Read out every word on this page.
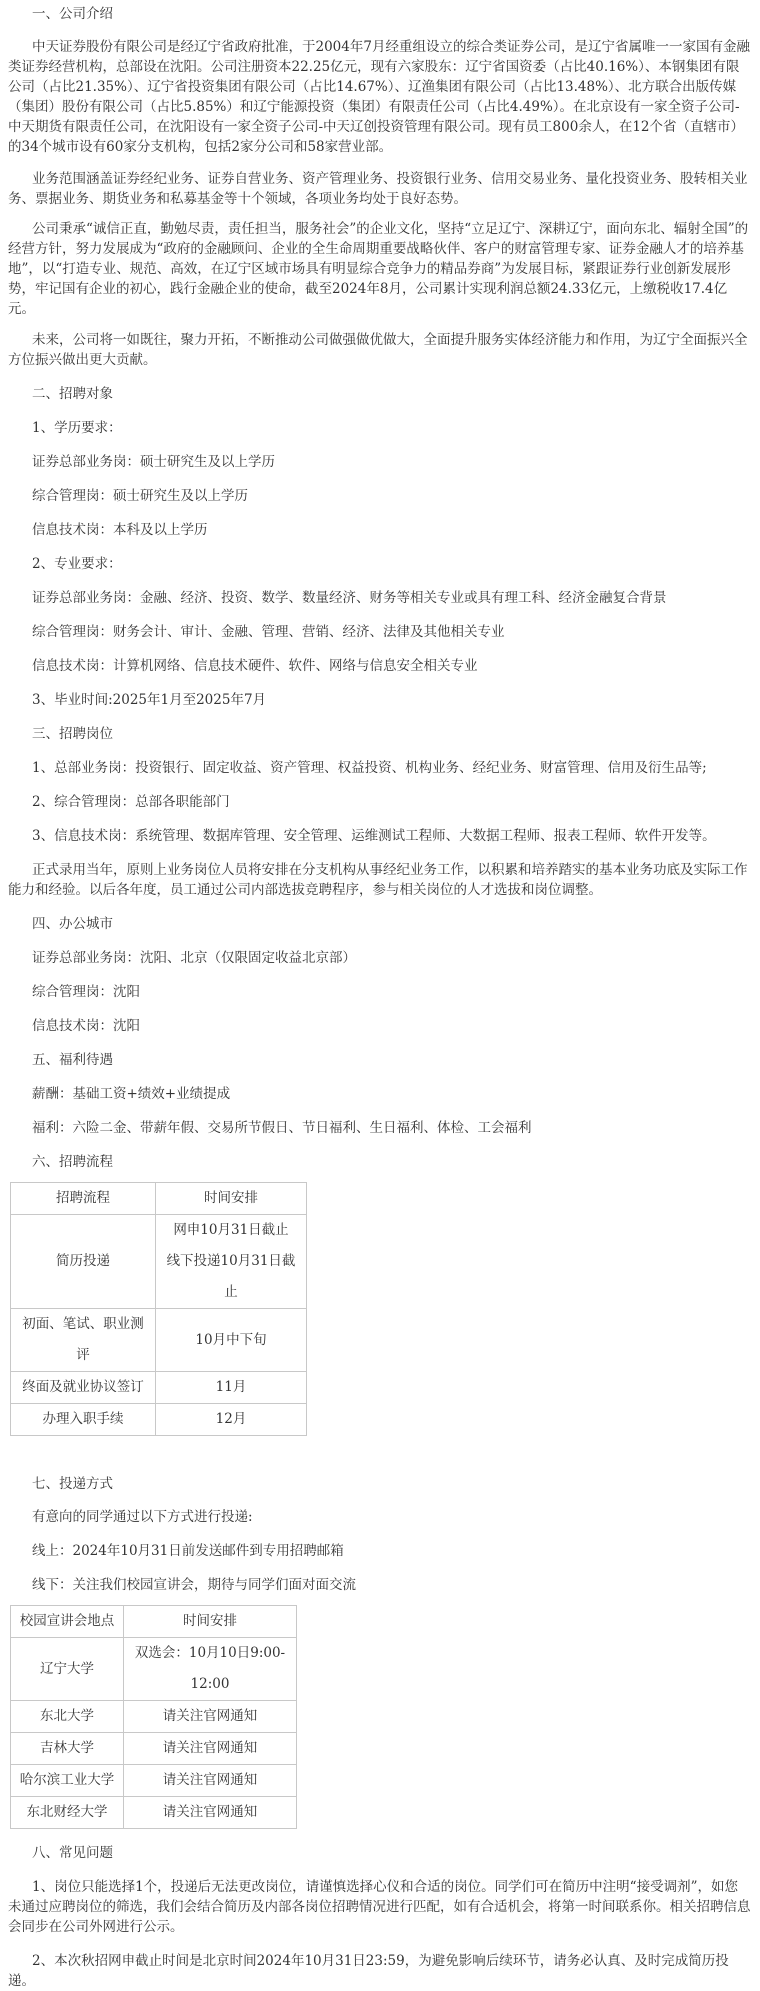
一、公司介绍

中天证券股份有限公司是经辽宁省政府批准，于2004年7月经重组设立的综合类证券公司，是辽宁省属唯一一家国有金融类证券经营机构，总部设在沈阳。公司注册资本22.25亿元，现有六家股东：辽宁省国资委（占比40.16%）、本钢集团有限公司（占比21.35%）、辽宁省投资集团有限公司（占比14.67%）、辽渔集团有限公司（占比13.48%）、北方联合出版传媒（集团）股份有限公司（占比5.85%）和辽宁能源投资（集团）有限责任公司（占比4.49%）。在北京设有一家全资子公司-中天期货有限责任公司，在沈阳设有一家全资子公司-中天辽创投资管理有限公司。现有员工800余人，在12个省（直辖市）的34个城市设有60家分支机构，包括2家分公司和58家营业部。

业务范围涵盖证券经纪业务、证券自营业务、资产管理业务、投资银行业务、信用交易业务、量化投资业务、股转相关业务、票据业务、期货业务和私募基金等十个领域，各项业务均处于良好态势。

公司秉承“诚信正直，勤勉尽责，责任担当，服务社会”的企业文化，坚持“立足辽宁、深耕辽宁，面向东北、辐射全国”的经营方针，努力发展成为“政府的金融顾问、企业的全生命周期重要战略伙伴、客户的财富管理专家、证券金融人才的培养基地”，以“打造专业、规范、高效，在辽宁区域市场具有明显综合竞争力的精品券商”为发展目标，紧跟证券行业创新发展形势，牢记国有企业的初心，践行金融企业的使命，截至2024年8月，公司累计实现利润总额24.33亿元，上缴税收17.4亿元。

未来，公司将一如既往，聚力开拓，不断推动公司做强做优做大，全面提升服务实体经济能力和作用，为辽宁全面振兴全方位振兴做出更大贡献。

二、招聘对象

1、学历要求：

证券总部业务岗：硕士研究生及以上学历

综合管理岗：硕士研究生及以上学历

信息技术岗：本科及以上学历

2、专业要求：

证券总部业务岗：金融、经济、投资、数学、数量经济、财务等相关专业或具有理工科、经济金融复合背景

综合管理岗：财务会计、审计、金融、管理、营销、经济、法律及其他相关专业

信息技术岗：计算机网络、信息技术硬件、软件、网络与信息安全相关专业

3、毕业时间:2025年1月至2025年7月

三、招聘岗位

1、总部业务岗：投资银行、固定收益、资产管理、权益投资、机构业务、经纪业务、财富管理、信用及衍生品等;

2、综合管理岗：总部各职能部门

3、信息技术岗：系统管理、数据库管理、安全管理、运维测试工程师、大数据工程师、报表工程师、软件开发等。

正式录用当年，原则上业务岗位人员将安排在分支机构从事经纪业务工作，以积累和培养踏实的基本业务功底及实际工作能力和经验。以后各年度，员工通过公司内部选拔竞聘程序，参与相关岗位的人才选拔和岗位调整。

四、办公城市

证券总部业务岗：沈阳、北京（仅限固定收益北京部）

综合管理岗：沈阳

信息技术岗：沈阳

五、福利待遇

薪酬：基础工资+绩效+业绩提成

福利：六险二金、带薪年假、交易所节假日、节日福利、生日福利、体检、工会福利

六、招聘流程

招聘流程	时间安排
简历投递	网申10月31日截止
线下投递10月31日截止

初面、笔试、职业测评	10月中下旬
终面及就业协议签订	11月
办理入职手续	12月

七、投递方式

有意向的同学通过以下方式进行投递:

线上：2024年10月31日前发送邮件到专用招聘邮箱

线下：关注我们校园宣讲会，期待与同学们面对面交流

校园宣讲会地点	时间安排
辽宁大学	双选会：10月10日9:00-12:00
东北大学	请关注官网通知
吉林大学	请关注官网通知
哈尔滨工业大学	请关注官网通知
东北财经大学	请关注官网通知

八、常见问题

1、岗位只能选择1个，投递后无法更改岗位，请谨慎选择心仪和合适的岗位。同学们可在简历中注明“接受调剂”，如您未通过应聘岗位的筛选，我们会结合简历及内部各岗位招聘情况进行匹配，如有合适机会，将第一时间联系你。相关招聘信息会同步在公司外网进行公示。

2、本次秋招网申截止时间是北京时间2024年10月31日23:59，为避免影响后续环节，请务必认真、及时完成简历投递。
